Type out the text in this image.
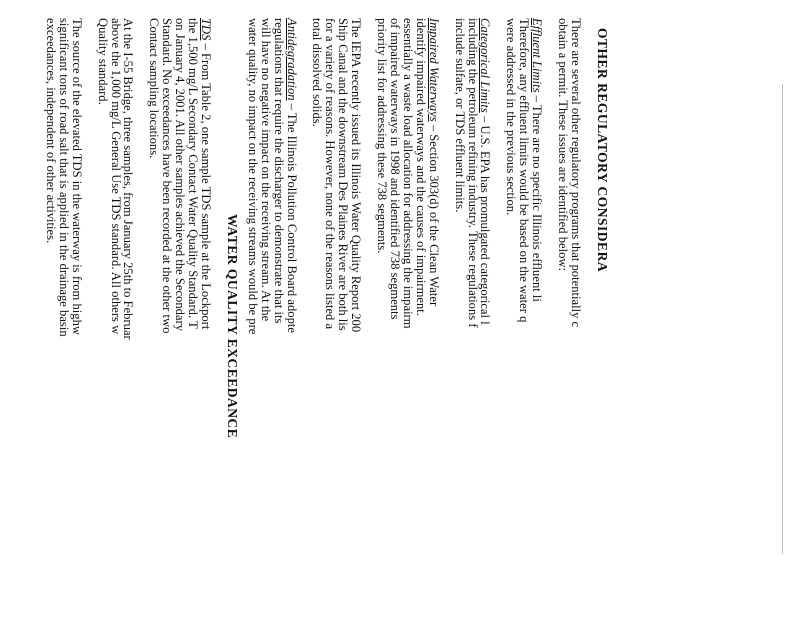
OTHER REGULATORY CONSIDERA
There are several other regulatory programs that potentially c
obtain a permit. These issues are identified below:
Effluent Limits – There are no specific Illinois effluent li
Therefore, any effluent limits would be based on the water q
were addressed in the previous section.
Categorical Limits – U.S. EPA has promulgated categorical l
including the petroleum refining industry. These regulations f
include sulfate, or TDS effluent limits.
Impaired Waterways – Section 303(d) of the Clean Water
identify impaired waterways and the causes of impairment.
essentially a waste load allocation for addressing the impairm
of impaired waterways in 1998 and identified 738 segments
priority list for addressing these 738 segments.
The IEPA recently issued its Illinois Water Quality Report 200
Ship Canal and the downstream Des Plaines River are both lis
for a variety of reasons. However, none of the reasons listed a
total dissolved solids.
Antidegradation – The Illinois Pollution Control Board adopte
regulations that require the discharger to demonstrate that its
will have no negative impact on the receiving stream. At the
water quality, no impact on the receiving streams would be pre
WATER QUALITY EXCEEDANCE
TDS – From Table 2, one sample TDS sample at the Lockport
the 1,500 mg/L Secondary Contact Water Quality Standard. T
on January 4, 2001. All other samples achieved the Secondary
Standard. No exceedances have been recorded at the other two
Contact sampling locations.
At the I-55 Bridge, three samples, from January 25th to Februar
above the 1,000 mg/L General Use TDS standard. All others w
Quality standard.
The source of the elevated TDS in the waterway is from highw
significant tons of road salt that is applied in the drainage basin
exceedances, independent of other activities.
